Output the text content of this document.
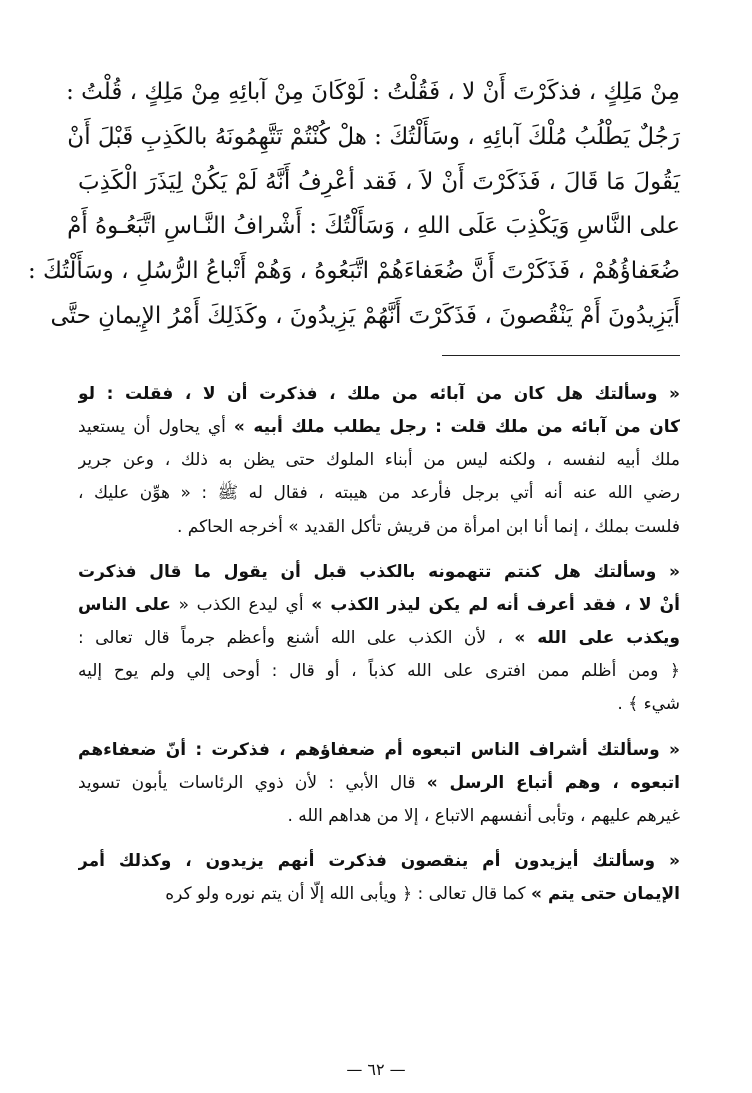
مِنْ مَلِكٍ ، فذكَرْتَ أَنْ لا ، فَقُلْتُ : لَوْكَانَ مِنْ آبائِهِ مِنْ مَلِكٍ ، قُلْتُ :
رَجُلٌ يَطْلُبُ مُلْكَ آبائِهِ ، وسَأَلْتُكَ : هلْ كُنْتُمْ تَتَّهِمُونَهُ بالكَذِبِ قَبْلَ أَنْ
يَقُولَ مَا قَالَ ، فَذَكَرْتَ أَنْ لاَ ، فَقد أعْرِفُ أَنَّهُ لَمْ يَكُنْ لِيَذَرَ الْكَذِبَ
على النَّاسِ وَيَكْذِبَ عَلَى اللهِ ، وَسَأَلْتُكَ : أَشْرافُ النَّـاسِ اتَّبَعُـوهُ أَمْ
ضُعَفاؤُهُمْ ، فَذَكَرْتَ أَنَّ ضُعَفاءَهُمْ اتَّبَعُوهُ ، وَهُمْ أَتْباعُ الرُّسُلِ ، وسَأَلْتُكَ :
أَيَزِيدُونَ أَمْ يَنْقُصونَ ، فَذَكَرْتَ أَنَّهُمْ يَزِيدُونَ ، وكَذَلِكَ أَمْرُ الإِيمانِ حتَّى
« وسألتك هل كان من آبائه من ملك ، فذكرت أن لا ، فقلت : لو
كان من آبائه من ملك قلت : رجل يطلب ملك أبيه » أي يحاول أن يستعيد
ملك أبيه لنفسه ، ولكنه ليس من أبناء الملوك حتى يظن به ذلك ، وعن جرير
رضي الله عنه أنه أتي برجل فأرعد من هيبته ، فقال له ﷺ : « هوِّن عليك ،
فلست بملك ، إنما أنا ابن امرأة من قريش تأكل القديد » أخرجه الحاكم .
« وسألتك هل كنتم تتهمونه بالكذب قبل أن يقول ما قال فذكرت
أنْ لا ، فقد أعرف أنه لم يكن ليذر الكذب » أي ليدع الكذب « على الناس
ويكذب على الله » ، لأن الكذب على الله أشنع وأعظم جرماً قال تعالى :
﴿ ومن أظلم ممن افترى على الله كذباً ، أو قال : أوحى إلي ولم يوح إليه
شيء ﴾ .
« وسألتك أشراف الناس اتبعوه أم ضعفاؤهم ، فذكرت : أنّ ضعفاءهم
اتبعوه ، وهم أتباع الرسل » قال الأبي : لأن ذوي الرئاسات يأبون تسويد
غيرهم عليهم ، وتأبى أنفسهم الاتباع ، إلا من هداهم الله .
« وسألتك أيزيدون أم ينقصون فذكرت أنهم يزيدون ، وكذلك أمر
الإيمان حتى يتم » كما قال تعالى : ﴿ ويأبى الله إلّا أن يتم نوره ولو كره
— ٦٢ —
